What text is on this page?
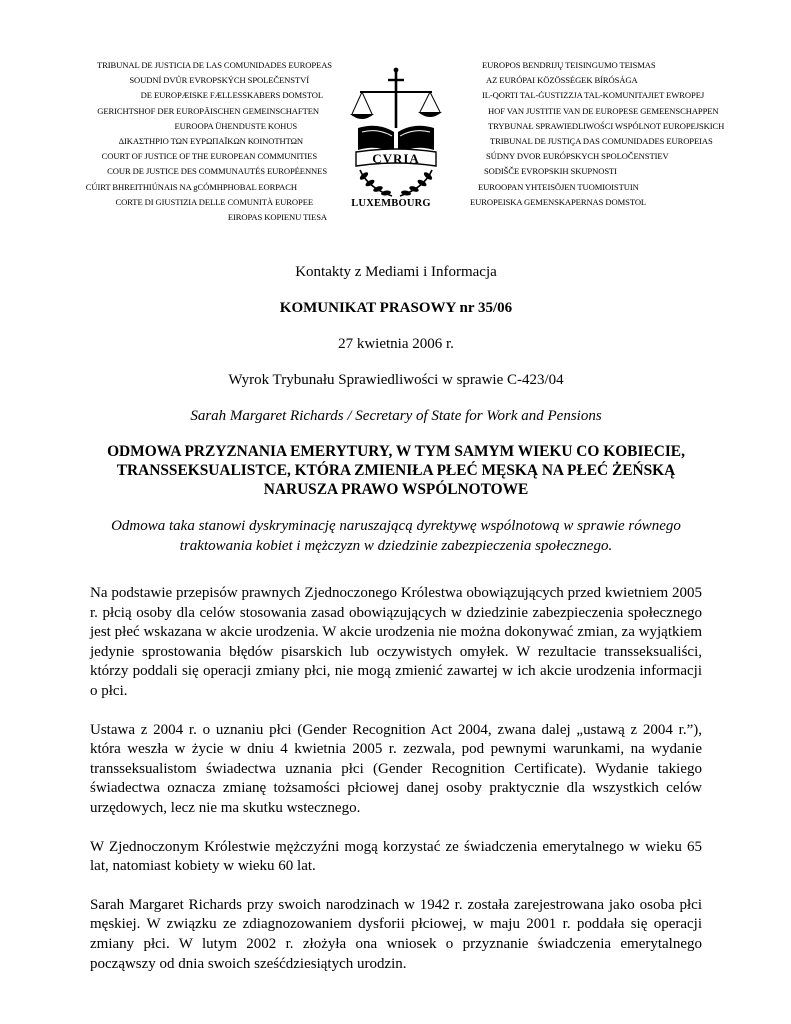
TRIBUNAL DE JUSTICIA DE LAS COMUNIDADES EUROPEAS
SOUDNÍ DVŮR EVROPSKÝCH SPOLEČENSTVÍ
DE EUROPÆISKE FÆLLESSKABERS DOMSTOL
GERICHTSHOF DER EUROPÄISCHEN GEMEINSCHAFTEN
EUROOPA ÜHENDUSTE KOHUS
ΔΙΚΑΣΤΗΡΙΟ ΤΩΝ ΕΥΡΩΠΑΪΚΩΝ ΚΟΙΝΟΤΗΤΩΝ
COURT OF JUSTICE OF THE EUROPEAN COMMUNITIES
COUR DE JUSTICE DES COMMUNAUTÉS EUROPÉENNES
CÚIRT BHREITHIÚNAIS NA gCÓMHPHOBAL EORPACH
CORTE DI GIUSTIZIA DELLE COMUNITÀ EUROPEE
EIROPAS KOPIENU TIESA
CVRIA
LUXEMBOURG
EUROPOS BENDRIJŲ TEISINGUMO TEISMAS
AZ EURÓPAI KÖZÖSSÉGEK BÍRÓSÁGA
IL-QORTI TAL-ĠUSTIZZJA TAL-KOMUNITAJIET EWROPEJ
HOF VAN JUSTITIE VAN DE EUROPESE GEMEENSCHAPPEN
TRYBUNAŁ SPRAWIEDLIWOŚCI WSPÓLNOT EUROPEJSKICH
TRIBUNAL DE JUSTIÇA DAS COMUNIDADES EUROPEIAS
SÚDNY DVOR EURÓPSKYCH SPOLOČENSTIEV
SODIŠČE EVROPSKIH SKUPNOSTI
EUROOPAN YHTEISÖJEN TUOMIOISTUIN
EUROPEISKA GEMENSKAPERNAS DOMSTOL

Kontakty z Mediami i Informacja

KOMUNIKAT PRASOWY nr 35/06

27 kwietnia 2006 r.

Wyrok Trybunału Sprawiedliwości w sprawie C-423/04

Sarah Margaret Richards / Secretary of State for Work and Pensions

ODMOWA PRZYZNANIA EMERYTURY, W TYM SAMYM WIEKU CO KOBIECIE, TRANSSEKSUALISTCE, KTÓRA ZMIENIŁA PŁEĆ MĘSKĄ NA PŁEĆ ŻEŃSKĄ NARUSZA PRAWO WSPÓLNOTOWE

Odmowa taka stanowi dyskryminację naruszającą dyrektywę wspólnotową w sprawie równego traktowania kobiet i mężczyzn w dziedzinie zabezpieczenia społecznego.

Na podstawie przepisów prawnych Zjednoczonego Królestwa obowiązujących przed kwietniem 2005 r. płcią osoby dla celów stosowania zasad obowiązujących w dziedzinie zabezpieczenia społecznego jest płeć wskazana w akcie urodzenia. W akcie urodzenia nie można dokonywać zmian, za wyjątkiem jedynie sprostowania błędów pisarskich lub oczywistych omyłek. W rezultacie transseksualiści, którzy poddali się operacji zmiany płci, nie mogą zmienić zawartej w ich akcie urodzenia informacji o płci.

Ustawa z 2004 r. o uznaniu płci (Gender Recognition Act 2004, zwana dalej „ustawą z 2004 r.”), która weszła w życie w dniu 4 kwietnia 2005 r. zezwala, pod pewnymi warunkami, na wydanie transseksualistom świadectwa uznania płci (Gender Recognition Certificate). Wydanie takiego świadectwa oznacza zmianę tożsamości płciowej danej osoby praktycznie dla wszystkich celów urzędowych, lecz nie ma skutku wstecznego.

W Zjednoczonym Królestwie mężczyźni mogą korzystać ze świadczenia emerytalnego w wieku 65 lat, natomiast kobiety w wieku 60 lat.

Sarah Margaret Richards przy swoich narodzinach w 1942 r. została zarejestrowana jako osoba płci męskiej. W związku ze zdiagnozowaniem dysforii płciowej, w maju 2001 r. poddała się operacji zmiany płci. W lutym 2002 r. złożyła ona wniosek o przyznanie świadczenia emerytalnego począwszy od dnia swoich sześćdziesiątych urodzin.
